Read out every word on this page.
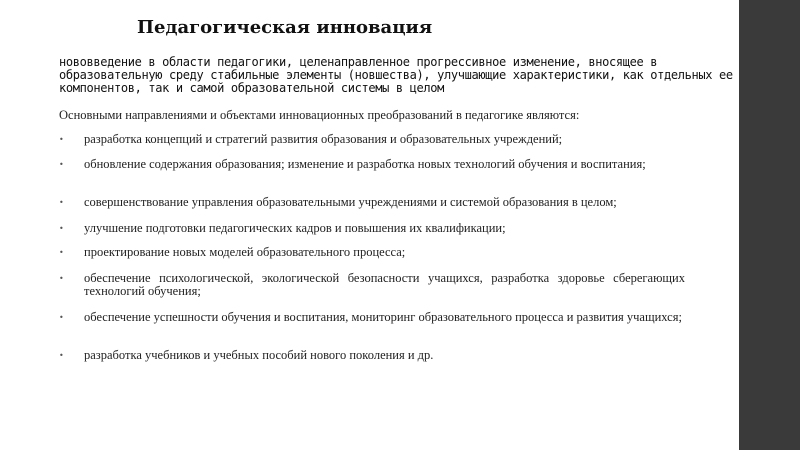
Педагогическая инновация

нововведение в области педагогики, целенаправленное прогрессивное изменение, вносящее в образовательную среду стабильные элементы (новшества), улучшающие характеристики, как отдельных ее компонентов, так и самой образовательной системы в целом

Основными направлениями и объектами инновационных преобразований в педагогике являются:

•	разработка концепций и стратегий развития образования и образовательных учреждений;
•	обновление содержания образования; изменение и разработка новых технологий обучения и воспитания;
•	совершенствование управления образовательными учреждениями и системой образования в целом;
•	улучшение подготовки педагогических кадров и повышения их квалификации;
•	проектирование новых моделей образовательного процесса;
•	обеспечение психологической, экологической безопасности учащихся, разработка здоровье сберегающих технологий обучения;
•	обеспечение успешности обучения и воспитания, мониторинг образовательного процесса и развития учащихся;
•	разработка учебников и учебных пособий нового поколения и др.
